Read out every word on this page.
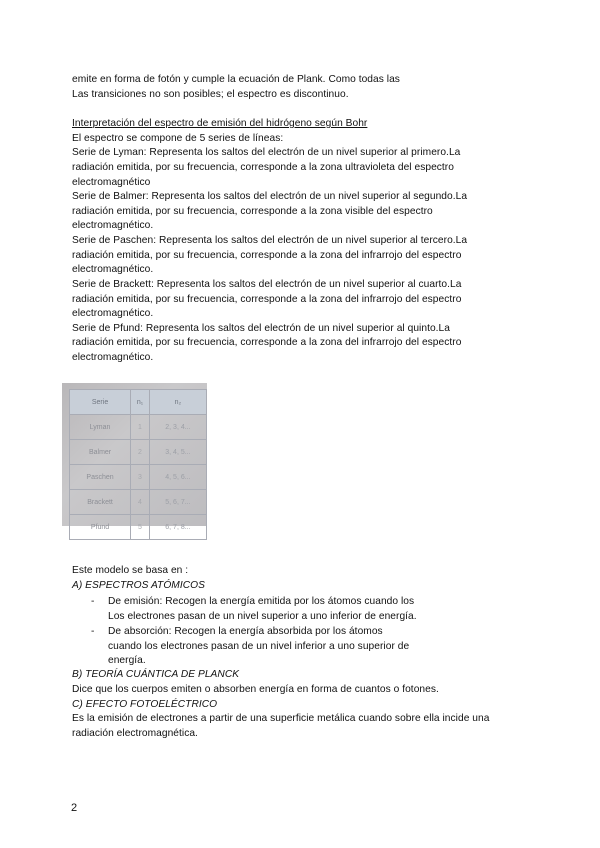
emite en forma de fotón y cumple la ecuación de Plank. Como todas las
Las transiciones no son posibles; el espectro es discontinuo.
Interpretación del espectro de emisión del hidrógeno según Bohr
El espectro se compone de 5 series de líneas:
Serie de Lyman: Representa los saltos del electrón de un nivel superior al primero.La
radiación emitida, por su frecuencia, corresponde a la zona ultravioleta del espectro
electromagnético
Serie de Balmer: Representa los saltos del electrón de un nivel superior al segundo.La
radiación emitida, por su frecuencia, corresponde a la zona visible del espectro
electromagnético.
Serie de Paschen: Representa los saltos del electrón de un nivel superior al tercero.La
radiación emitida, por su frecuencia, corresponde a la zona del infrarrojo del espectro
electromagnético.
Serie de Brackett: Representa los saltos del electrón de un nivel superior al cuarto.La
radiación emitida, por su frecuencia, corresponde a la zona del infrarrojo del espectro
electromagnético.
Serie de Pfund: Representa los saltos del electrón de un nivel superior al quinto.La
radiación emitida, por su frecuencia, corresponde a la zona del infrarrojo del espectro
electromagnético.
Serie	n₁	n₂
Lyman	1	2, 3, 4...
Balmer	2	3, 4, 5...
Paschen	3	4, 5, 6...
Brackett	4	5, 6, 7...
Pfund	5	6, 7, 8...
Este modelo se basa en :
A) ESPECTROS ATÓMICOS
- De emisión: Recogen la energía emitida por los átomos cuando los
Los electrones pasan de un nivel superior a uno inferior de energía.
- De absorción: Recogen la energía absorbida por los átomos
cuando los electrones pasan de un nivel inferior a uno superior de
energía.
B) TEORÍA CUÁNTICA DE PLANCK
Dice que los cuerpos emiten o absorben energía en forma de cuantos o fotones.
C) EFECTO FOTOELÉCTRICO
Es la emisión de electrones a partir de una superficie metálica cuando sobre ella incide una
radiación electromagnética.
2
